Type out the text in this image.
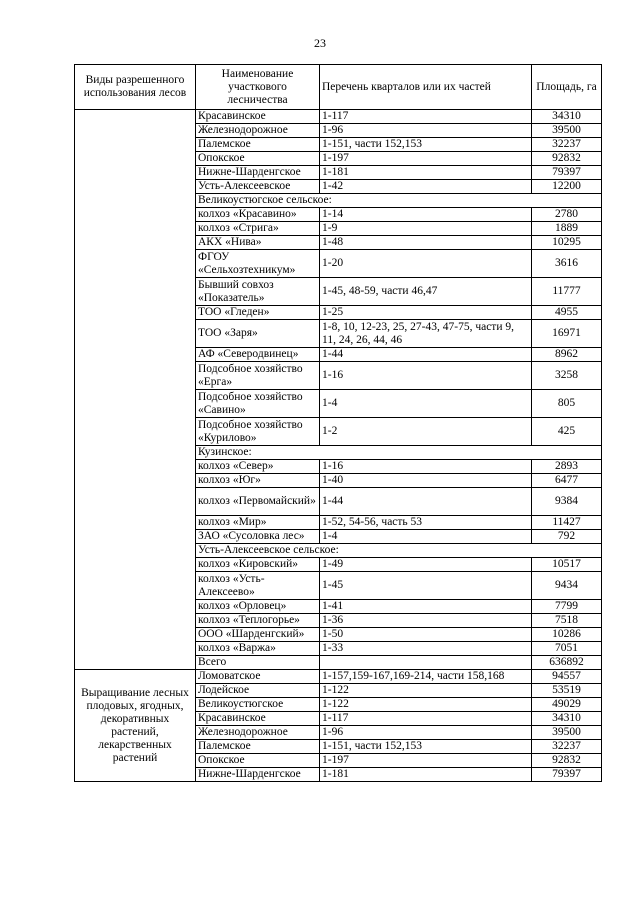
23
Виды разрешенного использования лесов	Наименование участкового лесничества	Перечень кварталов или их частей	Площадь, га
	Красавинское	1-117	34310
	Железнодорожное	1-96	39500
	Палемское	1-151, части 152,153	32237
	Опокское	1-197	92832
	Нижне-Шарденгское	1-181	79397
	Усть-Алексеевское	1-42	12200
	Великоустюгское сельское:		
	колхоз «Красавино»	1-14	2780
	колхоз «Стрига»	1-9	1889
	АКХ «Нива»	1-48	10295
	ФГОУ «Сельхозтехникум»	1-20	3616
	Бывший совхоз «Показатель»	1-45, 48-59, части 46,47	11777
	ТОО «Гледен»	1-25	4955
	ТОО «Заря»	1-8, 10, 12-23, 25, 27-43, 47-75, части 9, 11, 24, 26, 44, 46	16971
	АФ «Северодвинец»	1-44	8962
	Подсобное хозяйство «Ерга»	1-16	3258
	Подсобное хозяйство «Савино»	1-4	805
	Подсобное хозяйство «Курилово»	1-2	425
	Кузинское:		
	колхоз «Север»	1-16	2893
	колхоз «Юг»	1-40	6477
	колхоз «Первомайский»	1-44	9384
	колхоз «Мир»	1-52, 54-56, часть 53	11427
	ЗАО «Сусоловка лес»	1-4	792
	Усть-Алексеевское сельское:		
	колхоз «Кировский»	1-49	10517
	колхоз «Усть-Алексеево»	1-45	9434
	колхоз «Орловец»	1-41	7799
	колхоз «Теплогорье»	1-36	7518
	ООО «Шарденгский»	1-50	10286
	колхоз «Варжа»	1-33	7051
	Всего		636892
Выращивание лесных плодовых, ягодных, декоративных растений, лекарственных растений	Ломоватское	1-157,159-167,169-214, части 158,168	94557
	Лодейское	1-122	53519
	Великоустюгское	1-122	49029
	Красавинское	1-117	34310
	Железнодорожное	1-96	39500
	Палемское	1-151, части 152,153	32237
	Опокское	1-197	92832
	Нижне-Шарденгское	1-181	79397
